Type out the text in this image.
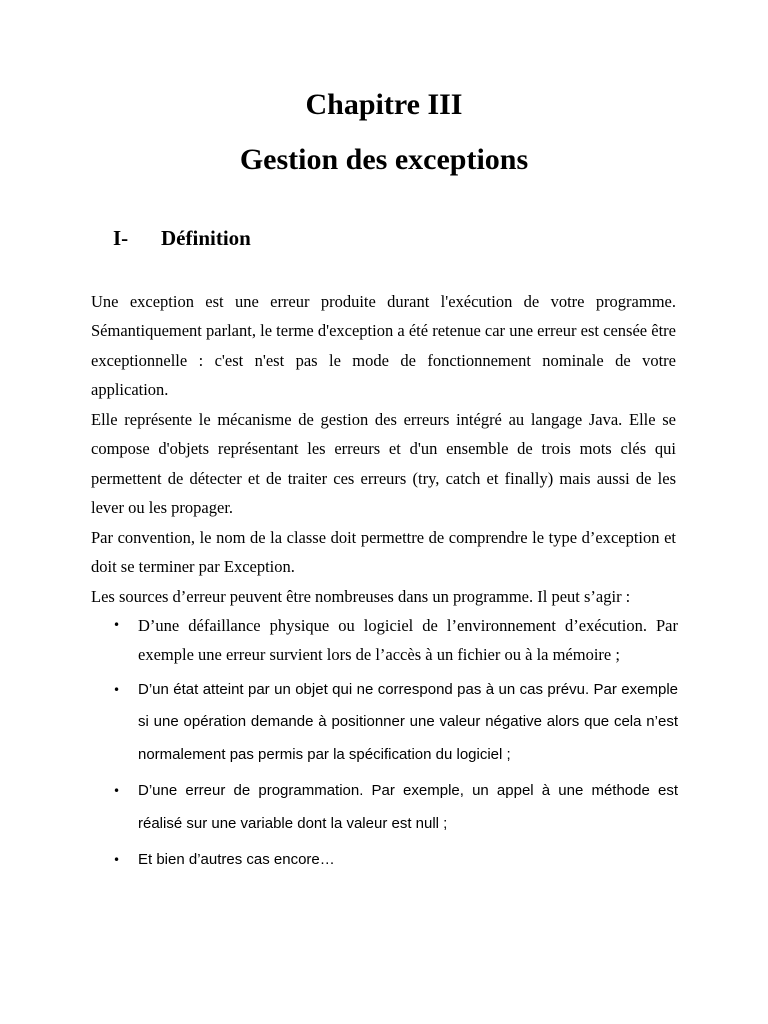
Chapitre III
Gestion des exceptions
I- Définition
Une exception est une erreur produite durant l'exécution de votre programme. Sémantiquement parlant, le terme d'exception a été retenue car une erreur est censée être exceptionnelle : c'est n'est pas le mode de fonctionnement nominale de votre application.
Elle représente le mécanisme de gestion des erreurs intégré au langage Java. Elle se compose d'objets représentant les erreurs et d'un ensemble de trois mots clés qui permettent de détecter et de traiter ces erreurs (try, catch et finally) mais aussi de les lever ou les propager.
Par convention, le nom de la classe doit permettre de comprendre le type d’exception et doit se terminer par Exception.
Les sources d’erreur peuvent être nombreuses dans un programme. Il peut s’agir :
• D’une défaillance physique ou logiciel de l’environnement d’exécution. Par exemple une erreur survient lors de l’accès à un fichier ou à la mémoire ;
• D’un état atteint par un objet qui ne correspond pas à un cas prévu. Par exemple si une opération demande à positionner une valeur négative alors que cela n’est normalement pas permis par la spécification du logiciel ;
• D’une erreur de programmation. Par exemple, un appel à une méthode est réalisé sur une variable dont la valeur est null ;
• Et bien d’autres cas encore…
